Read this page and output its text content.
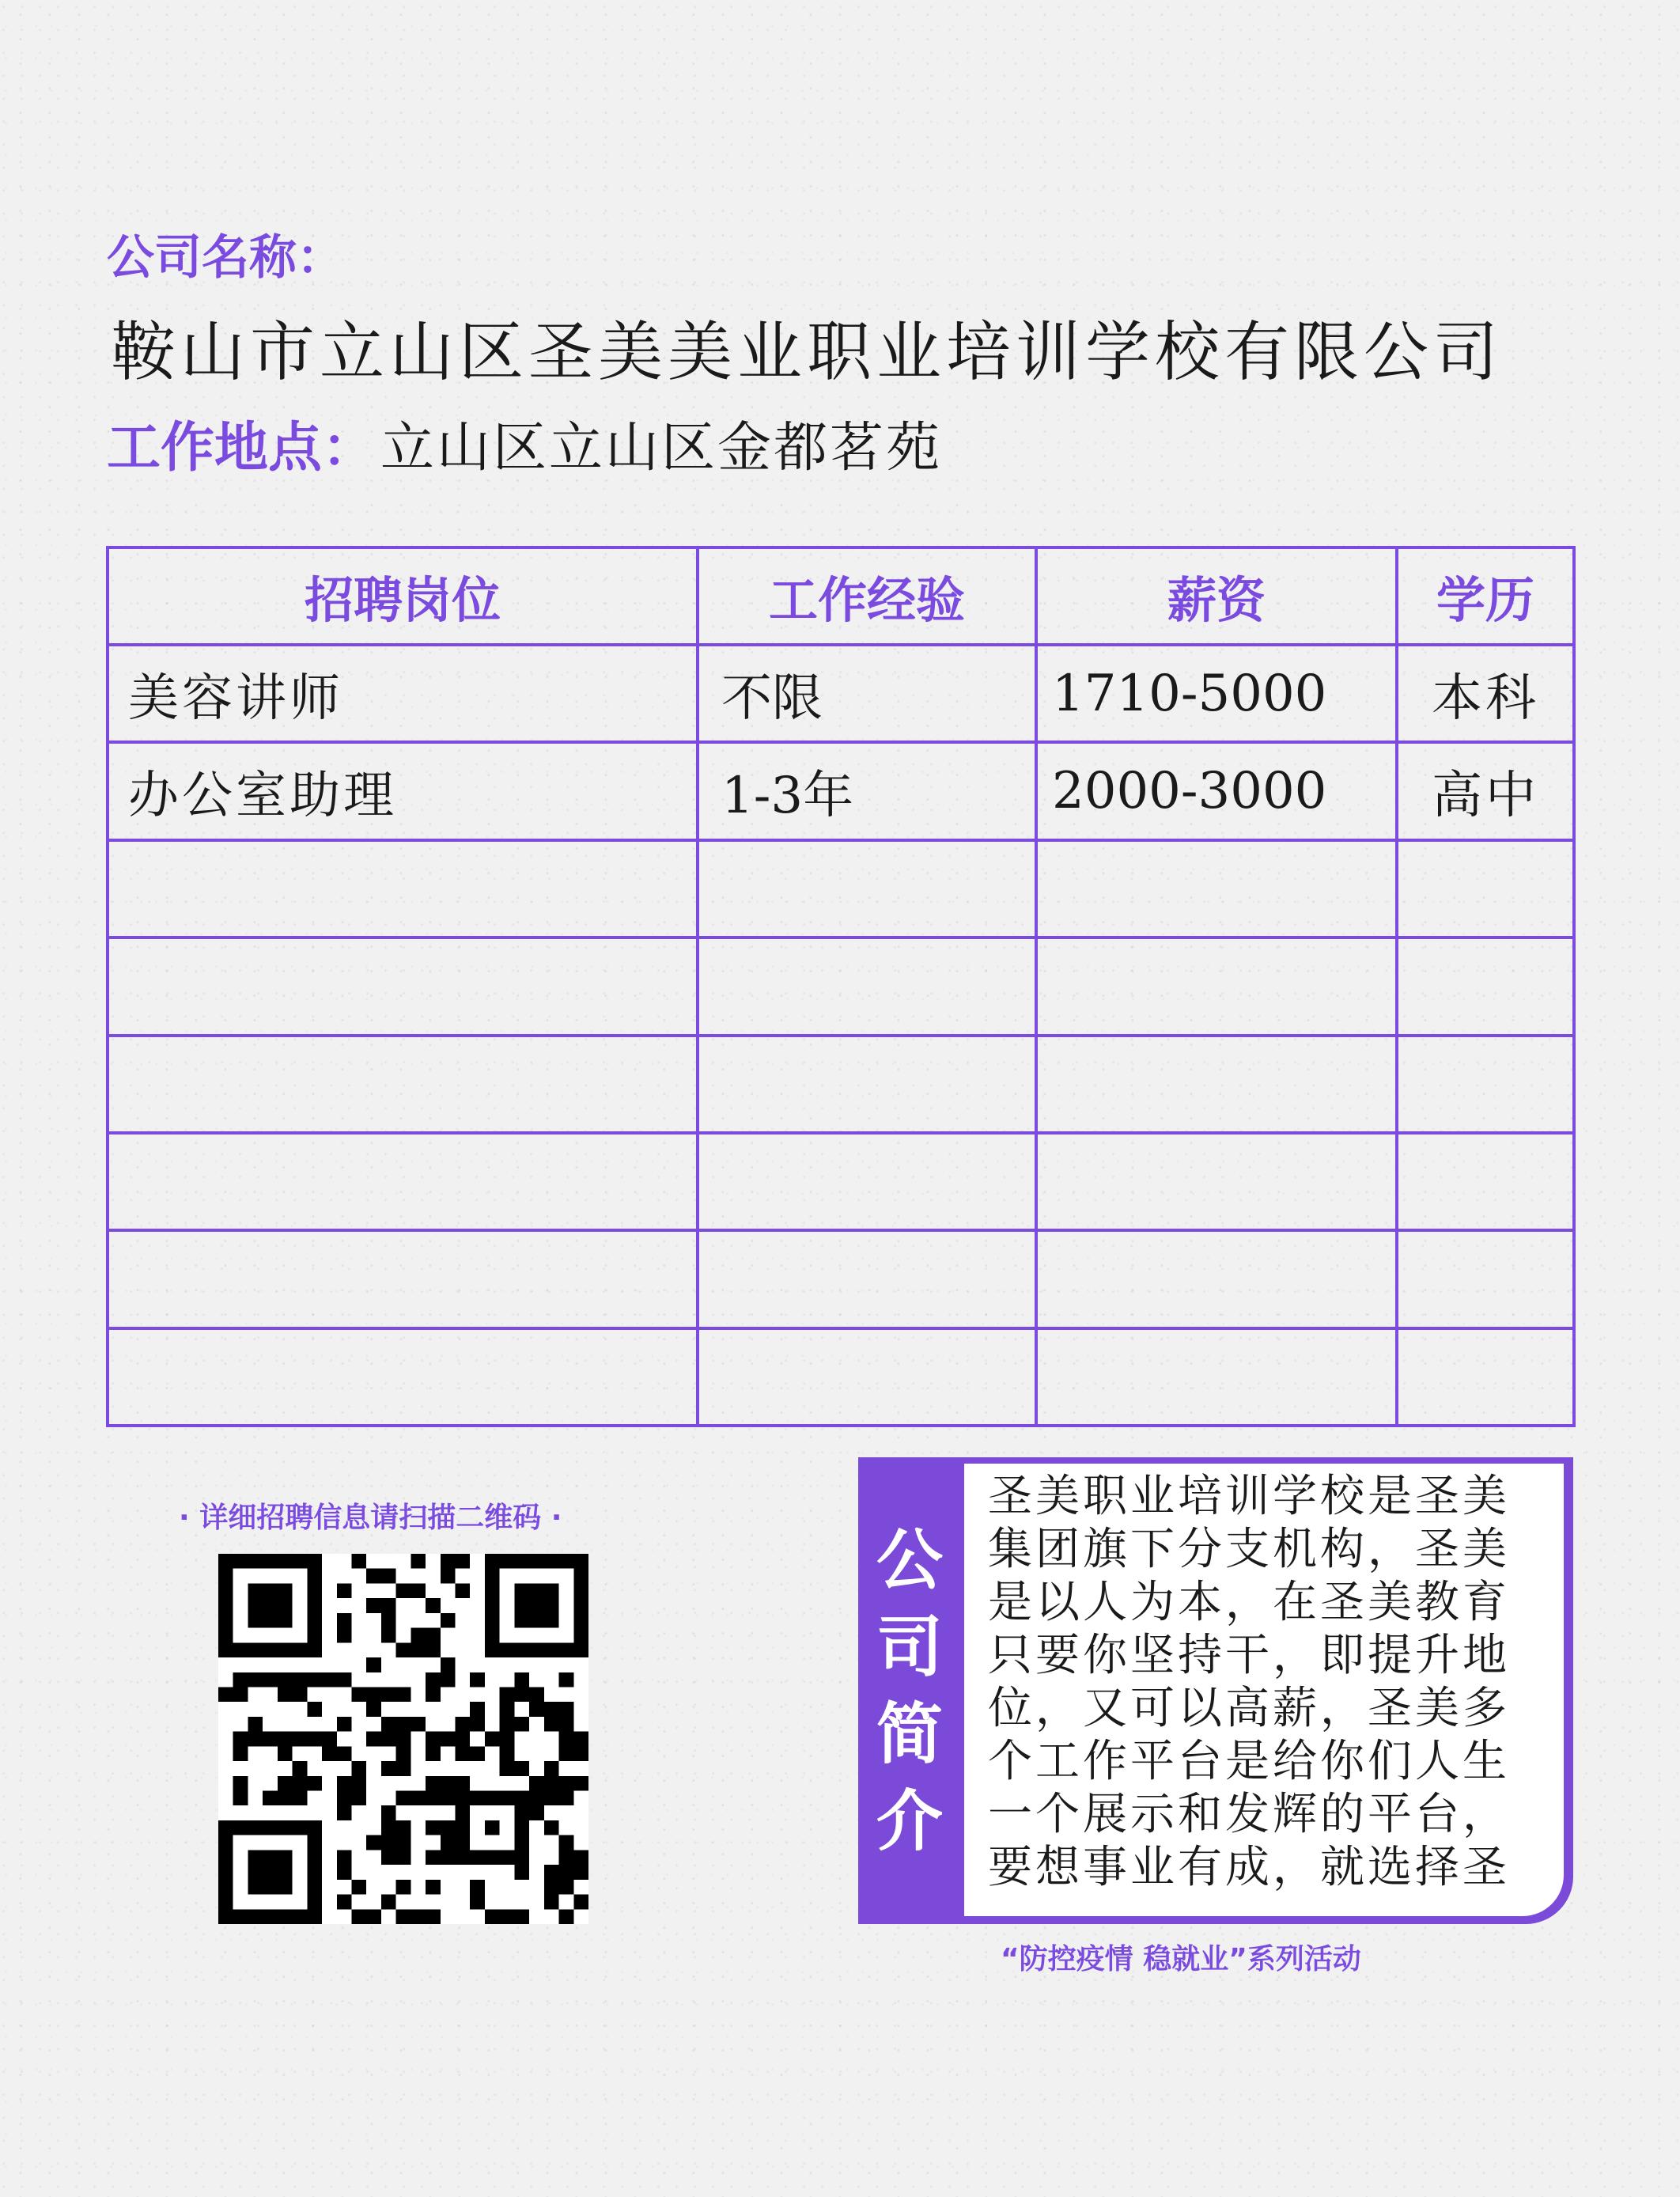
公司名称：
鞍山市立山区圣美美业职业培训学校有限公司
工作地点：立山区立山区金都茗苑
招聘岗位	工作经验	薪资	学历
美容讲师	不限	1710-5000	本科
办公室助理	1-3年	2000-3000	高中

· 详细招聘信息请扫描二维码 ·
公
司
简
介
圣美职业培训学校是圣美集团旗下分支机构，圣美是以人为本，在圣美教育只要你坚持干，即提升地位，又可以高薪，圣美多个工作平台是给你们人生一个展示和发辉的平台，要想事业有成，就选择圣
“防控疫情 稳就业”系列活动
